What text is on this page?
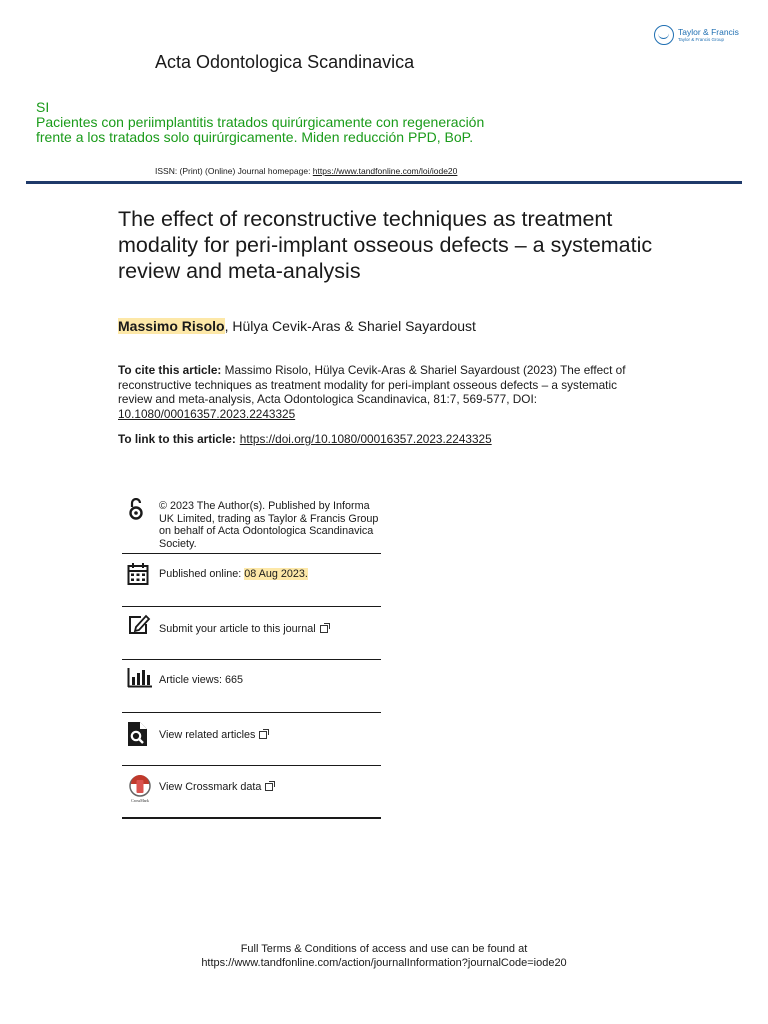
Taylor & Francis
Taylor & Francis Group
Acta Odontologica Scandinavica
SI
Pacientes con periimplantitis tratados quirúrgicamente con regeneración
frente a los tratados solo quirúrgicamente. Miden reducción PPD, BoP.
ISSN: (Print) (Online) Journal homepage: https://www.tandfonline.com/loi/iode20
The effect of reconstructive techniques as treatment modality for peri-implant osseous defects – a systematic review and meta-analysis
Massimo Risolo, Hülya Cevik-Aras & Shariel Sayardoust
To cite this article: Massimo Risolo, Hülya Cevik-Aras & Shariel Sayardoust (2023) The effect of reconstructive techniques as treatment modality for peri-implant osseous defects – a systematic review and meta-analysis, Acta Odontologica Scandinavica, 81:7, 569-577, DOI: 10.1080/00016357.2023.2243325
To link to this article: https://doi.org/10.1080/00016357.2023.2243325
© 2023 The Author(s). Published by Informa UK Limited, trading as Taylor & Francis Group on behalf of Acta Odontologica Scandinavica Society.
Published online: 08 Aug 2023.
Submit your article to this journal
Article views: 665
View related articles
CrossMark
View Crossmark data
Full Terms & Conditions of access and use can be found at
https://www.tandfonline.com/action/journalInformation?journalCode=iode20
